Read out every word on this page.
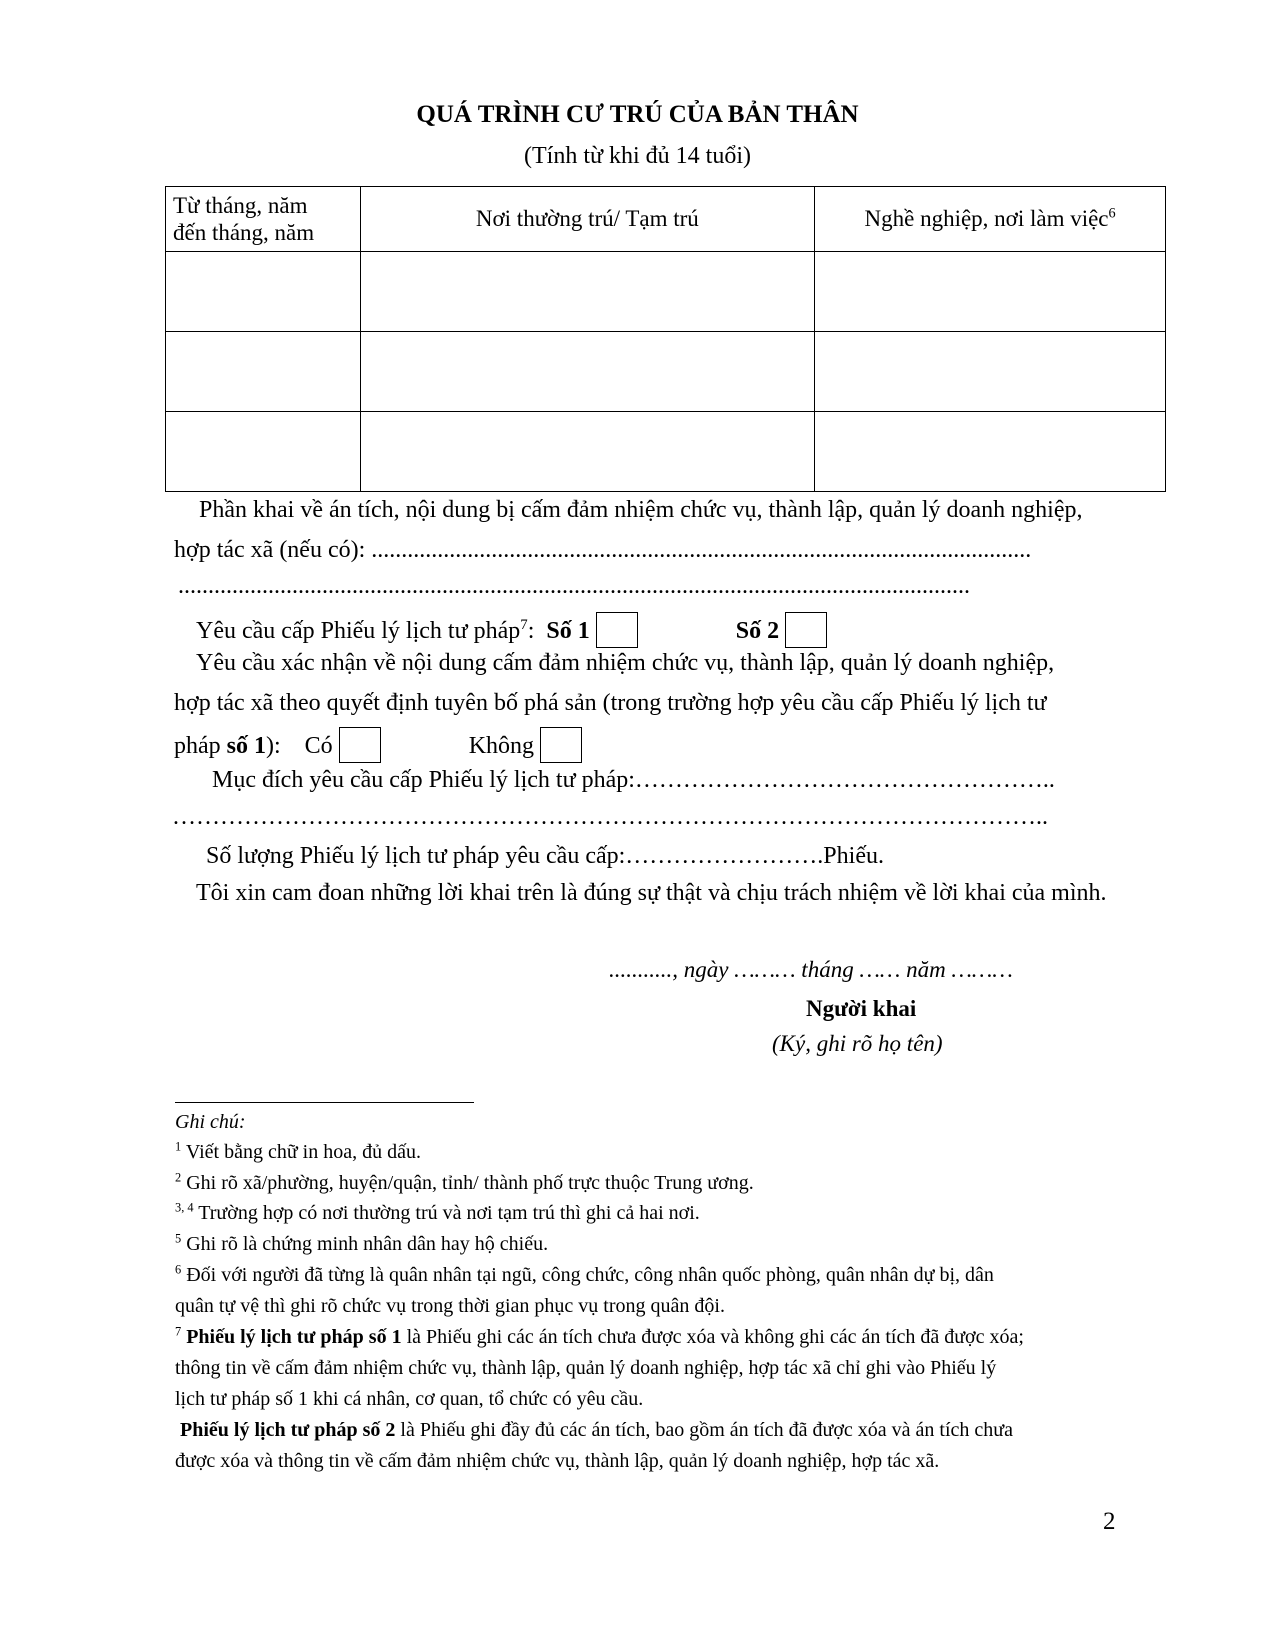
QUÁ TRÌNH CƯ TRÚ CỦA BẢN THÂN
(Tính từ khi đủ 14 tuổi)
Từ tháng, năm
đến tháng, năm	Nơi thường trú/ Tạm trú	Nghề nghiệp, nơi làm việc$^6$

Phần khai về án tích, nội dung bị cấm đảm nhiệm chức vụ, thành lập, quản lý doanh nghiệp,
hợp tác xã (nếu có): ..............................................................................................................
....................................................................................................................................
Yêu cầu cấp Phiếu lý lịch tư pháp$^7$: Số 1	Số 2
Yêu cầu xác nhận về nội dung cấm đảm nhiệm chức vụ, thành lập, quản lý doanh nghiệp,
hợp tác xã theo quyết định tuyên bố phá sản (trong trường hợp yêu cầu cấp Phiếu lý lịch tư
pháp số 1): Có	Không
Mục đích yêu cầu cấp Phiếu lý lịch tư pháp:……………………………………………..
………………………………………………………………………………………………..
Số lượng Phiếu lý lịch tư pháp yêu cầu cấp:…………………….Phiếu.
Tôi xin cam đoan những lời khai trên là đúng sự thật và chịu trách nhiệm về lời khai của mình.
..........., ngày ……… tháng …… năm ………
Người khai
(Ký, ghi rõ họ tên)
Ghi chú:
$^1$ Viết bằng chữ in hoa, đủ dấu.
$^2$ Ghi rõ xã/phường, huyện/quận, tỉnh/ thành phố trực thuộc Trung ương.
$^{3, 4}$ Trường hợp có nơi thường trú và nơi tạm trú thì ghi cả hai nơi.
$^5$ Ghi rõ là chứng minh nhân dân hay hộ chiếu.
$^6$ Đối với người đã từng là quân nhân tại ngũ, công chức, công nhân quốc phòng, quân nhân dự bị, dân
quân tự vệ thì ghi rõ chức vụ trong thời gian phục vụ trong quân đội.
$^7$ Phiếu lý lịch tư pháp số 1 là Phiếu ghi các án tích chưa được xóa và không ghi các án tích đã được xóa;
thông tin về cấm đảm nhiệm chức vụ, thành lập, quản lý doanh nghiệp, hợp tác xã chỉ ghi vào Phiếu lý
lịch tư pháp số 1 khi cá nhân, cơ quan, tổ chức có yêu cầu.
Phiếu lý lịch tư pháp số 2 là Phiếu ghi đầy đủ các án tích, bao gồm án tích đã được xóa và án tích chưa
được xóa và thông tin về cấm đảm nhiệm chức vụ, thành lập, quản lý doanh nghiệp, hợp tác xã.
2
